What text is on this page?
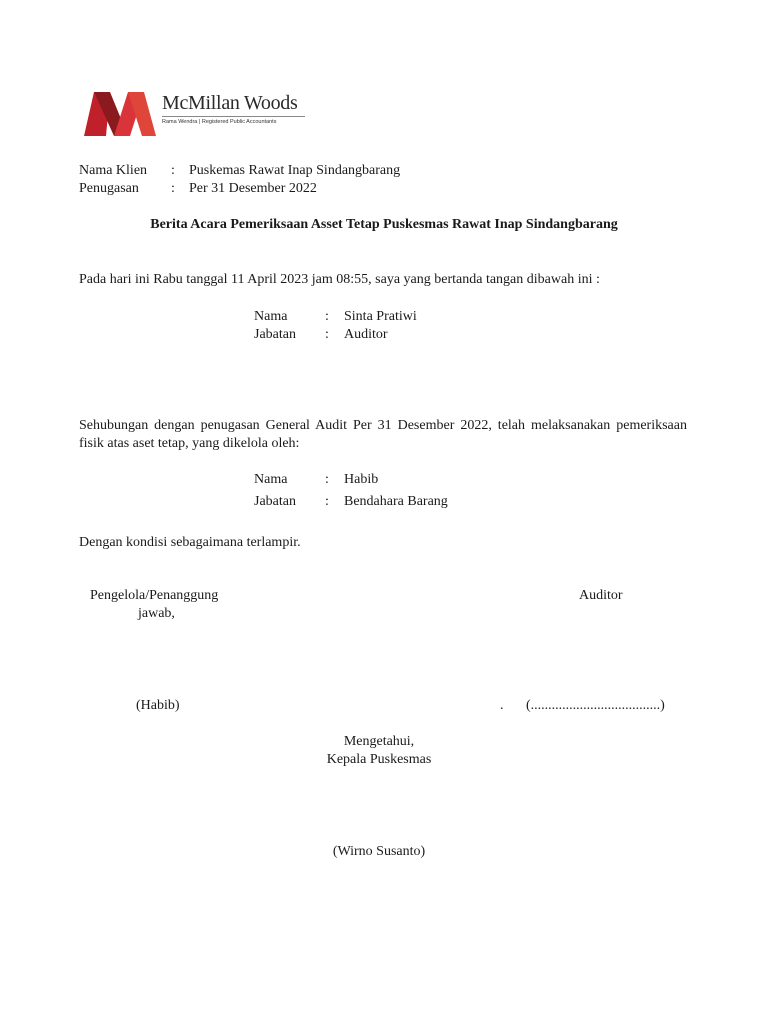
McMillan Woods
Rama Wendra | Registered Public Accountants
Nama Klien : Puskemas Rawat Inap Sindangbarang
Penugasan : Per 31 Desember 2022
Berita Acara Pemeriksaan Asset Tetap Puskesmas Rawat Inap Sindangbarang
Pada hari ini Rabu tanggal 11 April 2023 jam 08:55, saya yang bertanda tangan dibawah ini :
Nama	: Sinta Pratiwi
Jabatan : Auditor
Sehubungan dengan penugasan General Audit Per 31 Desember 2022, telah melaksanakan pemeriksaan fisik atas aset tetap, yang dikelola oleh:
Nama	: Habib
Jabatan : Bendahara Barang
Dengan kondisi sebagaimana terlampir.
Pengelola/Penanggung
jawab,
Auditor
(Habib)	. (.....................................)
Mengetahui,
Kepala Puskesmas
(Wirno Susanto)
